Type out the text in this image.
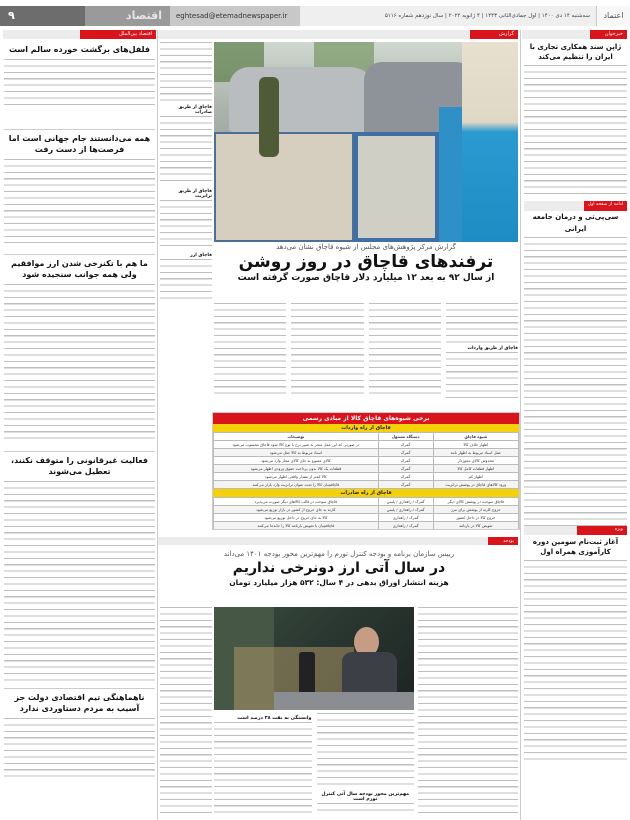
۹	اقتصاد	eghtesad@etemadnewspaper.ir	سه‌شنبه ۱۴ دی ۱۴۰۰ | اول جمادی‌الثانی ۱۴۴۳ | ۴ ژانویه ۲۰۲۲ | سال نوزدهم شماره ۵۱۱۶	اعتماد
اقتصاد بین‌الملل	گزارش	خبرخوان
فلفل‌های برگشت خورده سالم است
همه می‌دانستند جام جهانی است اما فرصت‌ها از دست رفت
ما هم با تکنرخی شدن ارز موافقیم ولی همه جوانب سنجیده شود
فعالیت غیرقانونی را متوقف نکنند، تعطیل می‌شوند
ناهماهنگی تیم اقتصادی دولت جز آسیب به مردم دستاوردی ندارد
قاچاق از طریق صادرات
قاچاق از طریق ترانزیت
قاچاق ارز
گزارش مرکز پژوهش‌های مجلس از شیوه قاچاق نشان می‌دهد
ترفندهای قاچاق در روز روشن
از سال ۹۲ به بعد ۱۲ میلیارد دلار قاچاق صورت گرفته است
قاچاق از طریق واردات
برخی شیوه‌های قاچاق کالا از مبادی رسمی
قاچاق از راه واردات
شیوه قاچاق	دستگاه مسئول	توضیحات
اظهار خلاف کالا	گمرک	در صورتی که این عمل منجر به تغییر نرخ یا نوع کالا شود قاچاق محسوب می‌شود
عمل اسناد مربوط به اظهار نامه	گمرک	اسناد مربوط به کالا جعل می‌شود
مخدوش کالای مجوزدار	گمرک	کالای ممنوع به جای کالای مجاز وارد می‌شود
اظهار قطعات کامل کالا	گمرک	قطعات یک کالا بدون پرداخت حقوق ورودی اظهار می‌شود
اظهار کم	گمرک	کالا کمتر از مقدار واقعی اظهار می‌شود
ورود کالاهای قاچاق در پوشش ترانزیت	گمرک	قاچاقچیان کالا را تحت عنوان ترانزیت وارد بازار می‌کنند
قاچاق از راه صادرات
قاچاق سوخت در پوشش کالای دیگر	گمرک / راهداری / پلیس	قاچاق سوخت در قالب کالاهای دیگر صورت می‌پذیرد
خروج کارنه از پوشش برای مرز	گمرک / راهداری / پلیس	کارنه به جای خروج از کشور در بازار توزیع می‌شود
خروج کالا در داخل کشور	گمرک / راهداری	کالا به جای خروج در داخل توزیع می‌شود
تعویض کالا در بارنامه	گمرک / راهداری	قاچاقچیان با تعویض بارنامه کالا را جابه‌جا می‌کنند
بودجه
رییس سازمان برنامه و بودجه کنترل تورم را مهم‌ترین محور بودجه ۱۴۰۱ می‌داند
در سال آتی ارز دونرخی نداریم
هزینه انتشار اوراق بدهی در ۴ سال: ۵۳۲ هزار میلیارد تومان
مهم‌ترین محور بودجه سال آتی کنترل تورم است
وابستگی به نفت ۳۸ درصد است
ژاپن سند همکاری تجاری با ایران را تنظیم می‌کند
ادامه از صفحه اول
سی‌پی‌تی و درمان جامعه ایرانی
ویژه
آغاز ثبت‌نام سومین دوره کارآموزی همراه اول
